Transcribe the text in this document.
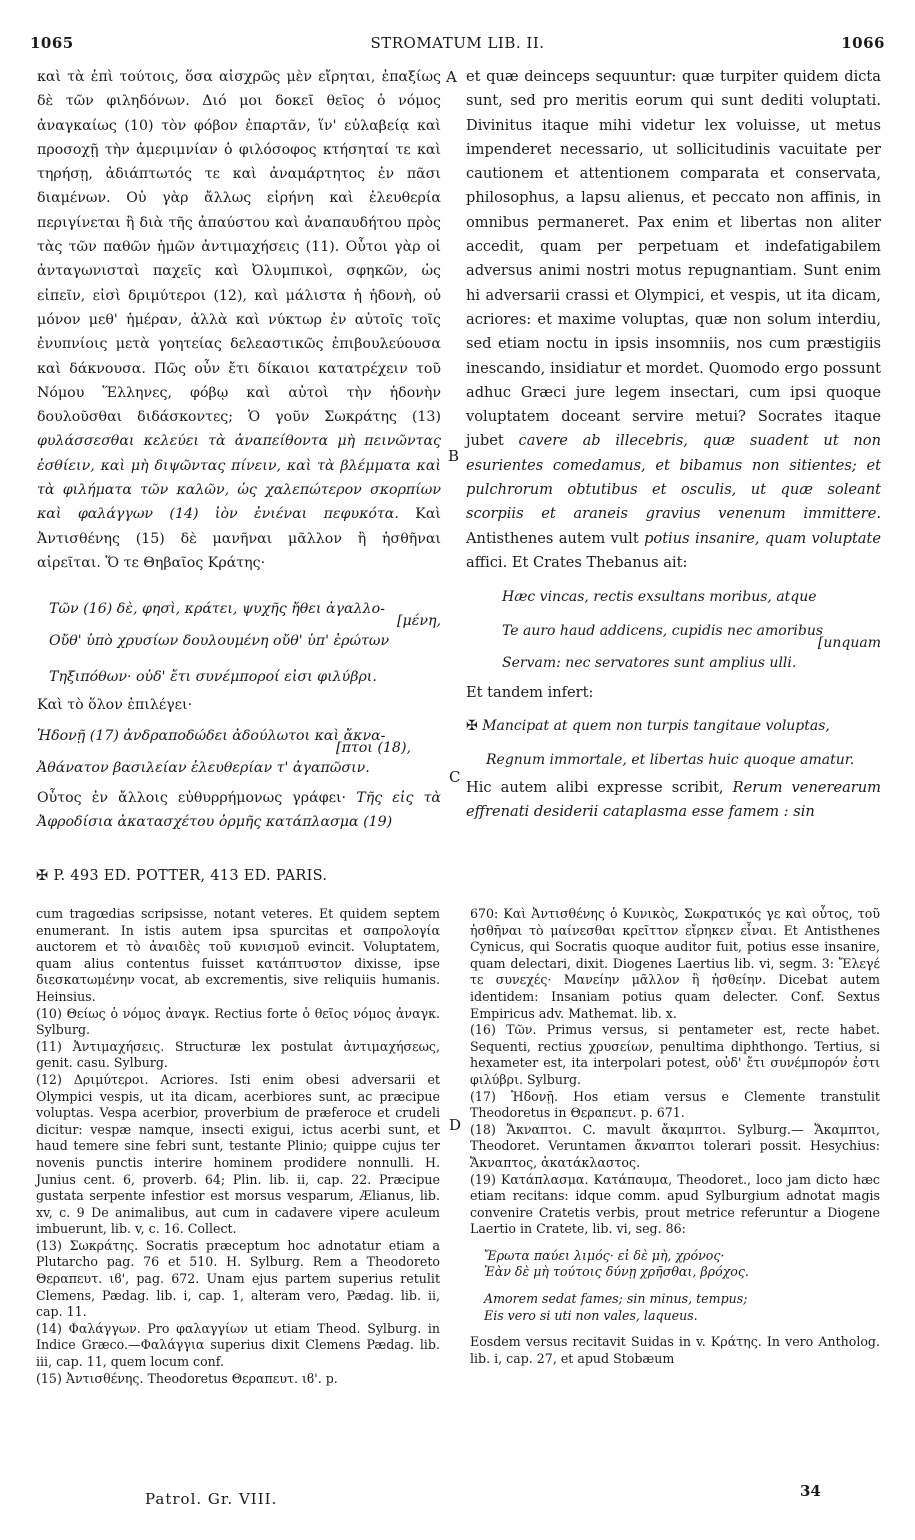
1065	STROMATUM LIB. II.	1066
καὶ τὰ ἐπὶ τούτοις, ὅσα αἰσχρῶς μὲν εἴρηται, ἐπαξίως δὲ τῶν φιληδόνων. Διό μοι δοκεῖ θεῖος ὁ νόμος ἀναγκαίως (10) τὸν φόβον ἐπαρτᾶν, ἵν' εὐλαβείᾳ καὶ προσοχῇ τὴν ἀμεριμνίαν ὁ φιλόσοφος κτήσηταί τε καὶ τηρήσῃ, ἀδιάπτωτός τε καὶ ἀναμάρτητος ἐν πᾶσι διαμένων. Οὐ γὰρ ἄλλως εἰρήνη καὶ ἐλευθερία περιγίνεται ἢ διὰ τῆς ἀπαύστου καὶ ἀναπαυδήτου πρὸς τὰς τῶν παθῶν ἡμῶν ἀντιμαχήσεις (11). Οὗτοι γὰρ οἱ ἀνταγωνισταὶ παχεῖς καὶ Ὀλυμπικοὶ, σφηκῶν, ὡς εἰπεῖν, εἰσὶ δριμύτεροι (12), καὶ μάλιστα ἡ ἡδονὴ, οὐ μόνον μεθ' ἡμέραν, ἀλλὰ καὶ νύκτωρ ἐν αὐτοῖς τοῖς ἐνυπνίοις μετὰ γοητείας δελεαστικῶς ἐπιβουλεύουσα καὶ δάκνουσα. Πῶς οὖν ἔτι δίκαιοι κατατρέχειν τοῦ Νόμου Ἕλληνες, φόβῳ καὶ αὐτοὶ τὴν ἡδονὴν δουλοῦσθαι διδάσκοντες; Ὁ γοῦν Σωκράτης (13) φυλάσσεσθαι κελεύει τὰ ἀναπείθοντα μὴ πεινῶντας ἐσθίειν, καὶ μὴ διψῶντας πίνειν, καὶ τὰ βλέμματα καὶ τὰ φιλήματα τῶν καλῶν, ὡς χαλεπώτερον σκορπίων καὶ φαλάγγων (14) ἰὸν ἐνιέναι πεφυκότα. Καὶ Ἀντισθένης (15) δὲ μανῆναι μᾶλλον ἢ ἡσθῆναι αἱρεῖται. Ὅ τε Θηβαῖος Κράτης·
Τῶν (16) δὲ, φησὶ, κράτει, ψυχῆς ἤθει ἀγαλλο-
[μένη,
Οὔθ' ὑπὸ χρυσίων δουλουμένη οὔθ' ὑπ' ἐρώτων
Τηξιπόθων· οὐδ' ἔτι συνέμποροί εἰσι φιλύβρι.
Καὶ τὸ ὅλον ἐπιλέγει·
Ἡδονῇ (17) ἀνδραποδώδει ἀδούλωτοι καὶ ἄκνα-
[πτοι (18),
Ἀθάνατον βασιλείαν ἐλευθερίαν τ' ἀγαπῶσιν.
Οὗτος ἐν ἄλλοις εὐθυρρήμονως γράφει· Τῆς εἰς τὰ Ἀφροδίσια ἀκατασχέτου ὁρμῆς κατάπλασμα (19)
A
B
C
D
et quæ deinceps sequuntur: quæ turpiter quidem dicta sunt, sed pro meritis eorum qui sunt dediti voluptati. Divinitus itaque mihi videtur lex voluisse, ut metus impenderet necessario, ut sollicitudinis vacuitate per cautionem et attentionem comparata et conservata, philosophus, a lapsu alienus, et peccato non affinis, in omnibus permaneret. Pax enim et libertas non aliter accedit, quam per perpetuam et indefatigabilem adversus animi nostri motus repugnantiam. Sunt enim hi adversarii crassi et Olympici, et vespis, ut ita dicam, acriores: et maxime voluptas, quæ non solum interdiu, sed etiam noctu in ipsis insomniis, nos cum præstigiis inescando, insidiatur et mordet. Quomodo ergo possunt adhuc Græci jure legem insectari, cum ipsi quoque voluptatem doceant servire metui? Socrates itaque jubet cavere ab illecebris, quæ suadent ut non esurientes comedamus, et bibamus non sitientes; et pulchrorum obtutibus et osculis, ut quæ soleant scorpiis et araneis gravius venenum immittere. Antisthenes autem vult potius insanire, quam voluptate affici. Et Crates Thebanus ait:
Hæc vincas, rectis exsultans moribus, atque
Te auro haud addicens, cupidis nec amoribus
[unquam
Servam: nec servatores sunt amplius ulli.
Et tandem infert:
✠ Mancipat at quem non turpis tangitaue voluptas,
Regnum immortale, et libertas huic quoque amatur.
Hic autem alibi expresse scribit, Rerum venerearum effrenati desiderii cataplasma esse famem : sin
✠ P. 493 ED. POTTER, 413 ED. PARIS.

cum tragœdias scripsisse, notant veteres. Et quidem septem enumerant. In istis autem ipsa spurcitas et σαπρολογία auctorem et τὸ ἀναιδὲς τοῦ κυνισμοῦ evincit. Voluptatem, quam alius contentus fuisset κατάπτυστον dixisse, ipse διεσκατωμένην vocat, ab excrementis, sive reliquiis humanis. Heinsius.

(10) Θείως ὁ νόμος ἀναγκ. Rectius forte ὁ θεῖος νόμος ἀναγκ. Sylburg.

(11) Ἀντιμαχήσεις. Structuræ lex postulat ἀντιμαχήσεως, genit. casu. Sylburg.

(12) Δριμύτεροι. Acriores. Isti enim obesi adversarii et Olympici vespis, ut ita dicam, acerbiores sunt, ac præcipue voluptas. Vespa acerbior, proverbium de præferoce et crudeli dicitur: vespæ namque, insecti exigui, ictus acerbi sunt, et haud temere sine febri sunt, testante Plinio; quippe cujus ter novenis punctis interire hominem prodidere nonnulli. H. Junius cent. 6, proverb. 64; Plin. lib. ii, cap. 22. Præcipue gustata serpente infestior est morsus vesparum, Ælianus, lib. xv, c. 9 De animalibus, aut cum in cadavere vipere aculeum imbuerunt, lib. v, c. 16. Collect.

(13) Σωκράτης. Socratis præceptum hoc adnotatur etiam a Plutarcho pag. 76 et 510. H. Sylburg. Rem a Theodoreto Θεραπευτ. ιϐ', pag. 672. Unam ejus partem superius retulit Clemens, Pædag. lib. i, cap. 1, alteram vero, Pædag. lib. ii, cap. 11.

(14) Φαλάγγων. Pro φαλαγγίων ut etiam Theod. Sylburg. in Indice Græco.—Φαλάγγια superius dixit Clemens Pædag. lib. iii, cap. 11, quem locum conf.

(15) Ἀντισθένης. Theodoretus Θεραπευτ. ιϐ'. p.

670: Καὶ Ἀντισθένης ὁ Κυνικὸς, Σωκρατικός γε καὶ οὗτος, τοῦ ἡσθῆναι τὸ μαίνεσθαι κρεῖττον εἴρηκεν εἶναι. Et Antisthenes Cynicus, qui Socratis quoque auditor fuit, potius esse insanire, quam delectari, dixit. Diogenes Laertius lib. vi, segm. 3: Ἔλεγέ τε συνεχές· Μανείην μᾶλλον ἢ ἡσθείην. Dicebat autem identidem: Insaniam potius quam delecter. Conf. Sextus Empiricus adv. Mathemat. lib. x.

(16) Τῶν. Primus versus, si pentameter est, recte habet. Sequenti, rectius χρυσείων, penultima diphthongo. Tertius, si hexameter est, ita interpolari potest, οὐδ' ἔτι συνέμπορόν ἐστι φιλύβρι. Sylburg.

(17) Ἡδονῇ. Hos etiam versus e Clemente transtulit Theodoretus in Θεραπευτ. p. 671.

(18) Ἄκναπτοι. C. mavult ἄκαμπτοι. Sylburg.— Ἄκαμπτοι, Theodoret. Veruntamen ἄκναπτοι tolerari possit. Hesychius: Ἄκναπτος, ἀκατάκλαστος.

(19) Κατάπλασμα. Κατάπαυμα, Theodoret., loco jam dicto hæc etiam recitans: idque comm. apud Sylburgium adnotat magis convenire Cratetis verbis, prout metrice referuntur a Diogene Laertio in Cratete, lib. vi, seg. 86:

Ἔρωτα παύει λιμός· εἰ δὲ μὴ, χρόνος·
Ἐὰν δὲ μὴ τούτοις δύνῃ χρῆσθαι, βρόχος.
Amorem sedat fames; sin minus, tempus;
Eis vero si uti non vales, laqueus.

Eosdem versus recitavit Suidas in v. Κράτης. In vero Antholog. lib. i, cap. 27, et apud Stobæum

Patrol. Gr. VIII.	34
